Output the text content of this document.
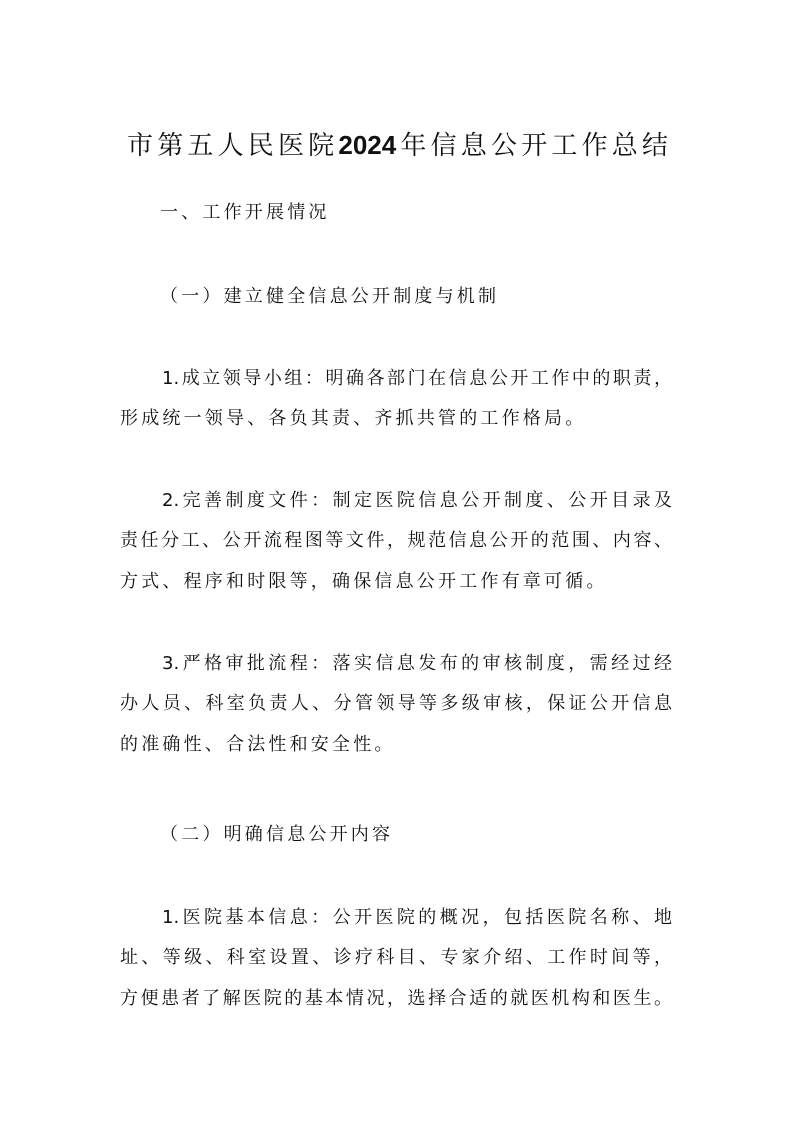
市第五人民医院2024年信息公开工作总结
一、工作开展情况
（一）建立健全信息公开制度与机制
1.成立领导小组：明确各部门在信息公开工作中的职责，
形成统一领导、各负其责、齐抓共管的工作格局。
2.完善制度文件：制定医院信息公开制度、公开目录及
责任分工、公开流程图等文件，规范信息公开的范围、内容、
方式、程序和时限等，确保信息公开工作有章可循。
3.严格审批流程：落实信息发布的审核制度，需经过经
办人员、科室负责人、分管领导等多级审核，保证公开信息
的准确性、合法性和安全性。
（二）明确信息公开内容
1.医院基本信息：公开医院的概况，包括医院名称、地
址、等级、科室设置、诊疗科目、专家介绍、工作时间等，
方便患者了解医院的基本情况，选择合适的就医机构和医生。
